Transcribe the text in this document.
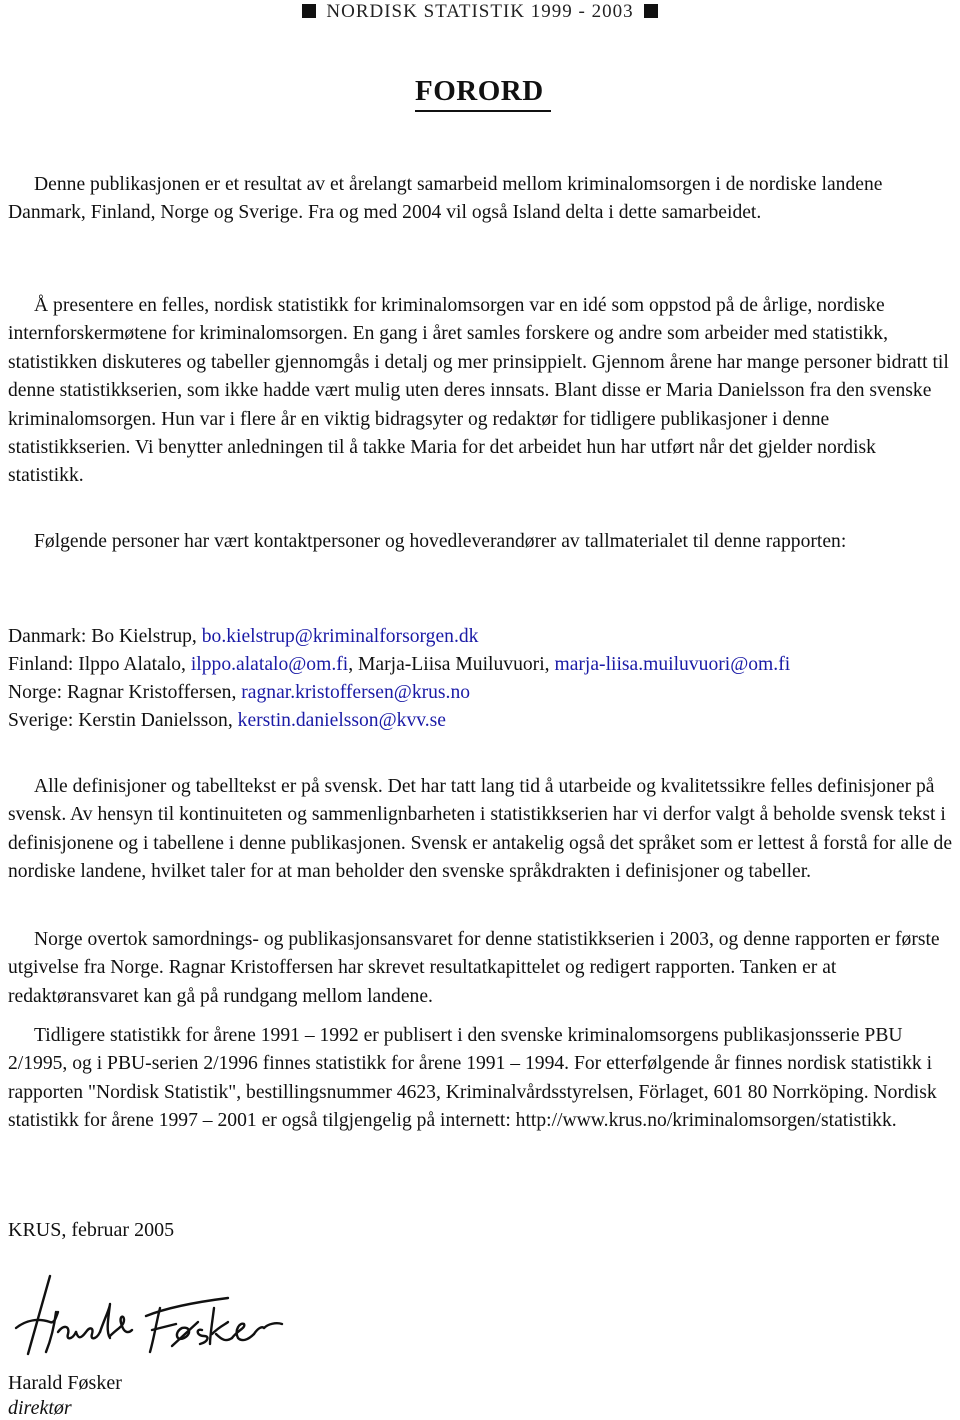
NORDISK STATISTIK 1999 - 2003
FORORD

Denne publikasjonen er et resultat av et årelangt samarbeid mellom kriminalomsorgen i de nordiske landene Danmark, Finland, Norge og Sverige. Fra og med 2004 vil også Island delta i dette samarbeidet.

Å presentere en felles, nordisk statistikk for kriminalomsorgen var en idé som oppstod på de årlige, nordiske internforskermøtene for kriminalomsorgen. En gang i året samles forskere og andre som arbeider med statistikk, statistikken diskuteres og tabeller gjennomgås i detalj og mer prinsippielt. Gjennom årene har mange personer bidratt til denne statistikkserien, som ikke hadde vært mulig uten deres innsats. Blant disse er Maria Danielsson fra den svenske kriminalomsorgen. Hun var i flere år en viktig bidragsyter og redaktør for tidligere publikasjoner i denne statistikkserien. Vi benytter anledningen til å takke Maria for det arbeidet hun har utført når det gjelder nordisk statistikk.

Følgende personer har vært kontaktpersoner og hovedleverandører av tallmaterialet til denne rapporten:

Danmark: Bo Kielstrup, bo.kielstrup@kriminalforsorgen.dk
Finland: Ilppo Alatalo, ilppo.alatalo@om.fi, Marja-Liisa Muiluvuori, marja-liisa.muiluvuori@om.fi
Norge: Ragnar Kristoffersen, ragnar.kristoffersen@krus.no
Sverige: Kerstin Danielsson, kerstin.danielsson@kvv.se

Alle definisjoner og tabelltekst er på svensk. Det har tatt lang tid å utarbeide og kvalitetssikre felles definisjoner på svensk. Av hensyn til kontinuiteten og sammenlignbarheten i statistikkserien har vi derfor valgt å beholde svensk tekst i definisjonene og i tabellene i denne publikasjonen. Svensk er antakelig også det språket som er lettest å forstå for alle de nordiske landene, hvilket taler for at man beholder den svenske språkdrakten i definisjoner og tabeller.

Norge overtok samordnings- og publikasjonsansvaret for denne statistikkserien i 2003, og denne rapporten er første utgivelse fra Norge. Ragnar Kristoffersen har skrevet resultatkapittelet og redigert rapporten. Tanken er at redaktøransvaret kan gå på rundgang mellom landene.

Tidligere statistikk for årene 1991 – 1992 er publisert i den svenske kriminalomsorgens publikasjonsserie PBU 2/1995, og i PBU-serien 2/1996 finnes statistikk for årene 1991 – 1994. For etterfølgende år finnes nordisk statistikk i rapporten "Nordisk Statistik", bestillingsnummer 4623, Kriminalvårdsstyrelsen, Förlaget, 601 80 Norrköping. Nordisk statistikk for årene 1997 – 2001 er også tilgjengelig på internett: http://www.krus.no/kriminalomsorgen/statistikk.

KRUS, februar 2005
Harald Føsker
direktør
